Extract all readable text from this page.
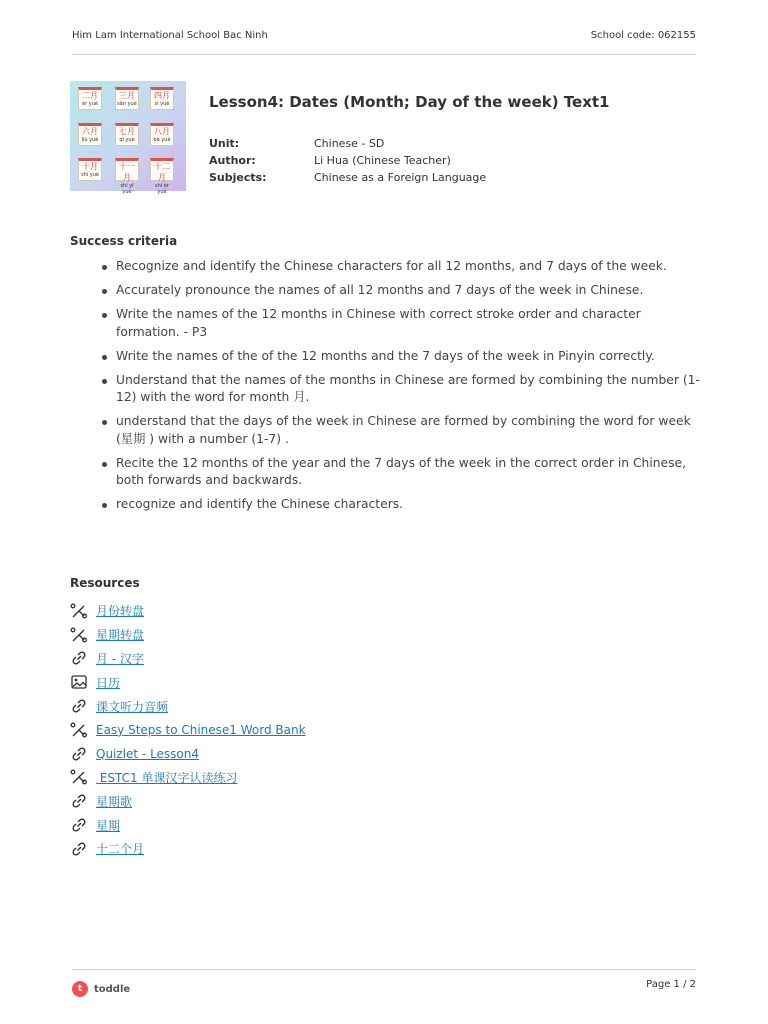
Him Lam International School Bac Ninh	School code: 062155
二月
èr yuè
三月
sān yuè
四月
sì yuè
六月
liù yuè
七月
qī yuè
八月
bā yuè
十月
shí yuè
十一月
shí yī yuè
十二月
shí èr yuè
Lesson4: Dates (Month; Day of the week) Text1
Unit:	Chinese - SD
Author:	Li Hua (Chinese Teacher)
Subjects:	Chinese as a Foreign Language
Success criteria
Recognize and identify the Chinese characters for all 12 months, and 7 days of the week.
Accurately pronounce the names of all 12 months and 7 days of the week in Chinese.
Write the names of the 12 months in Chinese with correct stroke order and character formation. - P3
Write the names of the of the 12 months and the 7 days of the week in Pinyin correctly.
Understand that the names of the months in Chinese are formed by combining the number (1-12) with the word for month 月.
understand that the days of the week in Chinese are formed by combining the word for week (星期 ) with a number (1-7) .
Recite the 12 months of the year and the 7 days of the week in the correct order in Chinese, both forwards and backwards.
recognize and identify the Chinese characters.
Resources
月份转盘
星期转盘
月 - 汉字
日历
课文听力音频
Easy Steps to Chinese1 Word Bank
Quizlet - Lesson4
ESTC1 单课汉字认读练习
星期歌
星期
十二个月
t	toddle	Page 1 / 2
